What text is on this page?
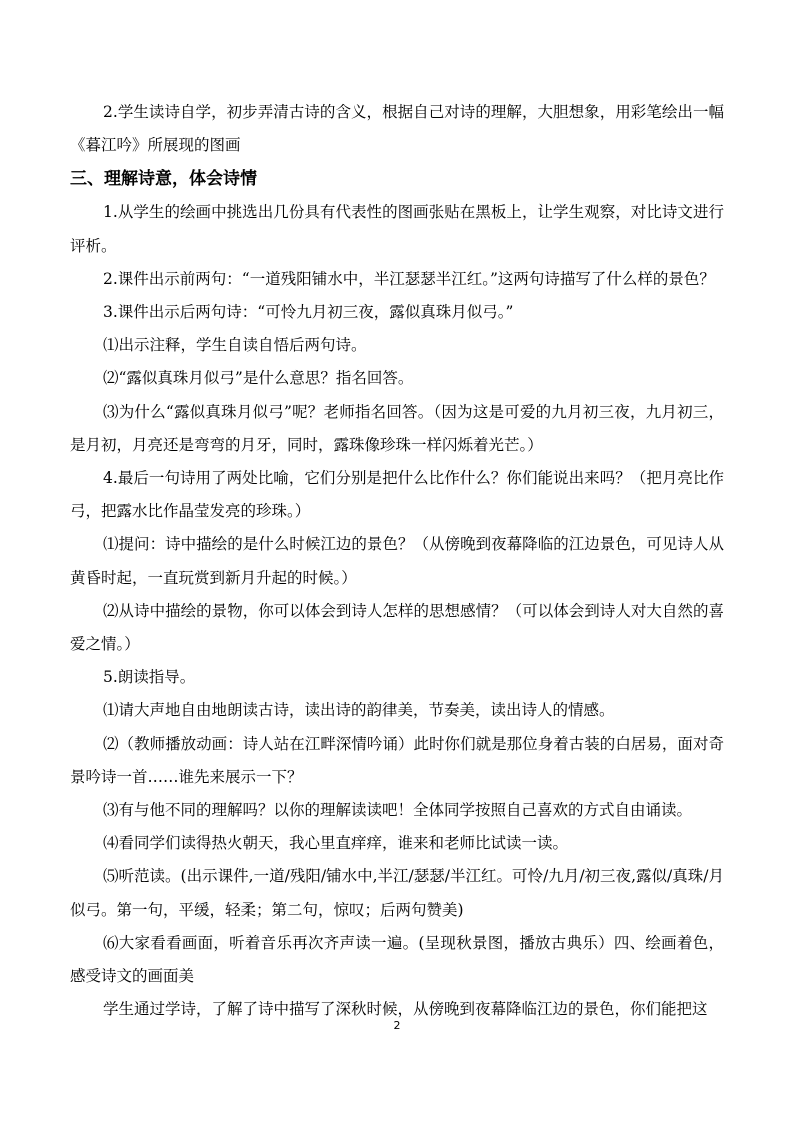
2.学生读诗自学，初步弄清古诗的含义，根据自己对诗的理解，大胆想象，用彩笔绘出一幅《暮江吟》所展现的图画

三、理解诗意，体会诗情

1.从学生的绘画中挑选出几份具有代表性的图画张贴在黑板上，让学生观察，对比诗文进行评析。

2.课件出示前两句：“一道残阳铺水中，半江瑟瑟半江红。”这两句诗描写了什么样的景色？

3.课件出示后两句诗：“可怜九月初三夜，露似真珠月似弓。”

⑴出示注释，学生自读自悟后两句诗。

⑵“露似真珠月似弓”是什么意思？指名回答。

⑶为什么“露似真珠月似弓”呢？老师指名回答。（因为这是可爱的九月初三夜，九月初三，是月初，月亮还是弯弯的月牙，同时，露珠像珍珠一样闪烁着光芒。）

4.最后一句诗用了两处比喻，它们分别是把什么比作什么？你们能说出来吗？（把月亮比作弓，把露水比作晶莹发亮的珍珠。）

⑴提问：诗中描绘的是什么时候江边的景色？（从傍晚到夜幕降临的江边景色，可见诗人从黄昏时起，一直玩赏到新月升起的时候。）

⑵从诗中描绘的景物，你可以体会到诗人怎样的思想感情？（可以体会到诗人对大自然的喜爱之情。）

5.朗读指导。

⑴请大声地自由地朗读古诗，读出诗的韵律美，节奏美，读出诗人的情感。

⑵（教师播放动画：诗人站在江畔深情吟诵）此时你们就是那位身着古装的白居易，面对奇景吟诗一首……谁先来展示一下？

⑶有与他不同的理解吗？以你的理解读读吧！全体同学按照自己喜欢的方式自由诵读。

⑷看同学们读得热火朝天，我心里直痒痒，谁来和老师比试读一读。

⑸听范读。(出示课件,一道/残阳/铺水中,半江/瑟瑟/半江红。可怜/九月/初三夜,露似/真珠/月似弓。第一句，平缓，轻柔；第二句，惊叹；后两句赞美)

⑹大家看看画面，听着音乐再次齐声读一遍。(呈现秋景图，播放古典乐）四、绘画着色，感受诗文的画面美

学生通过学诗，了解了诗中描写了深秋时候，从傍晚到夜幕降临江边的景色，你们能把这

2
